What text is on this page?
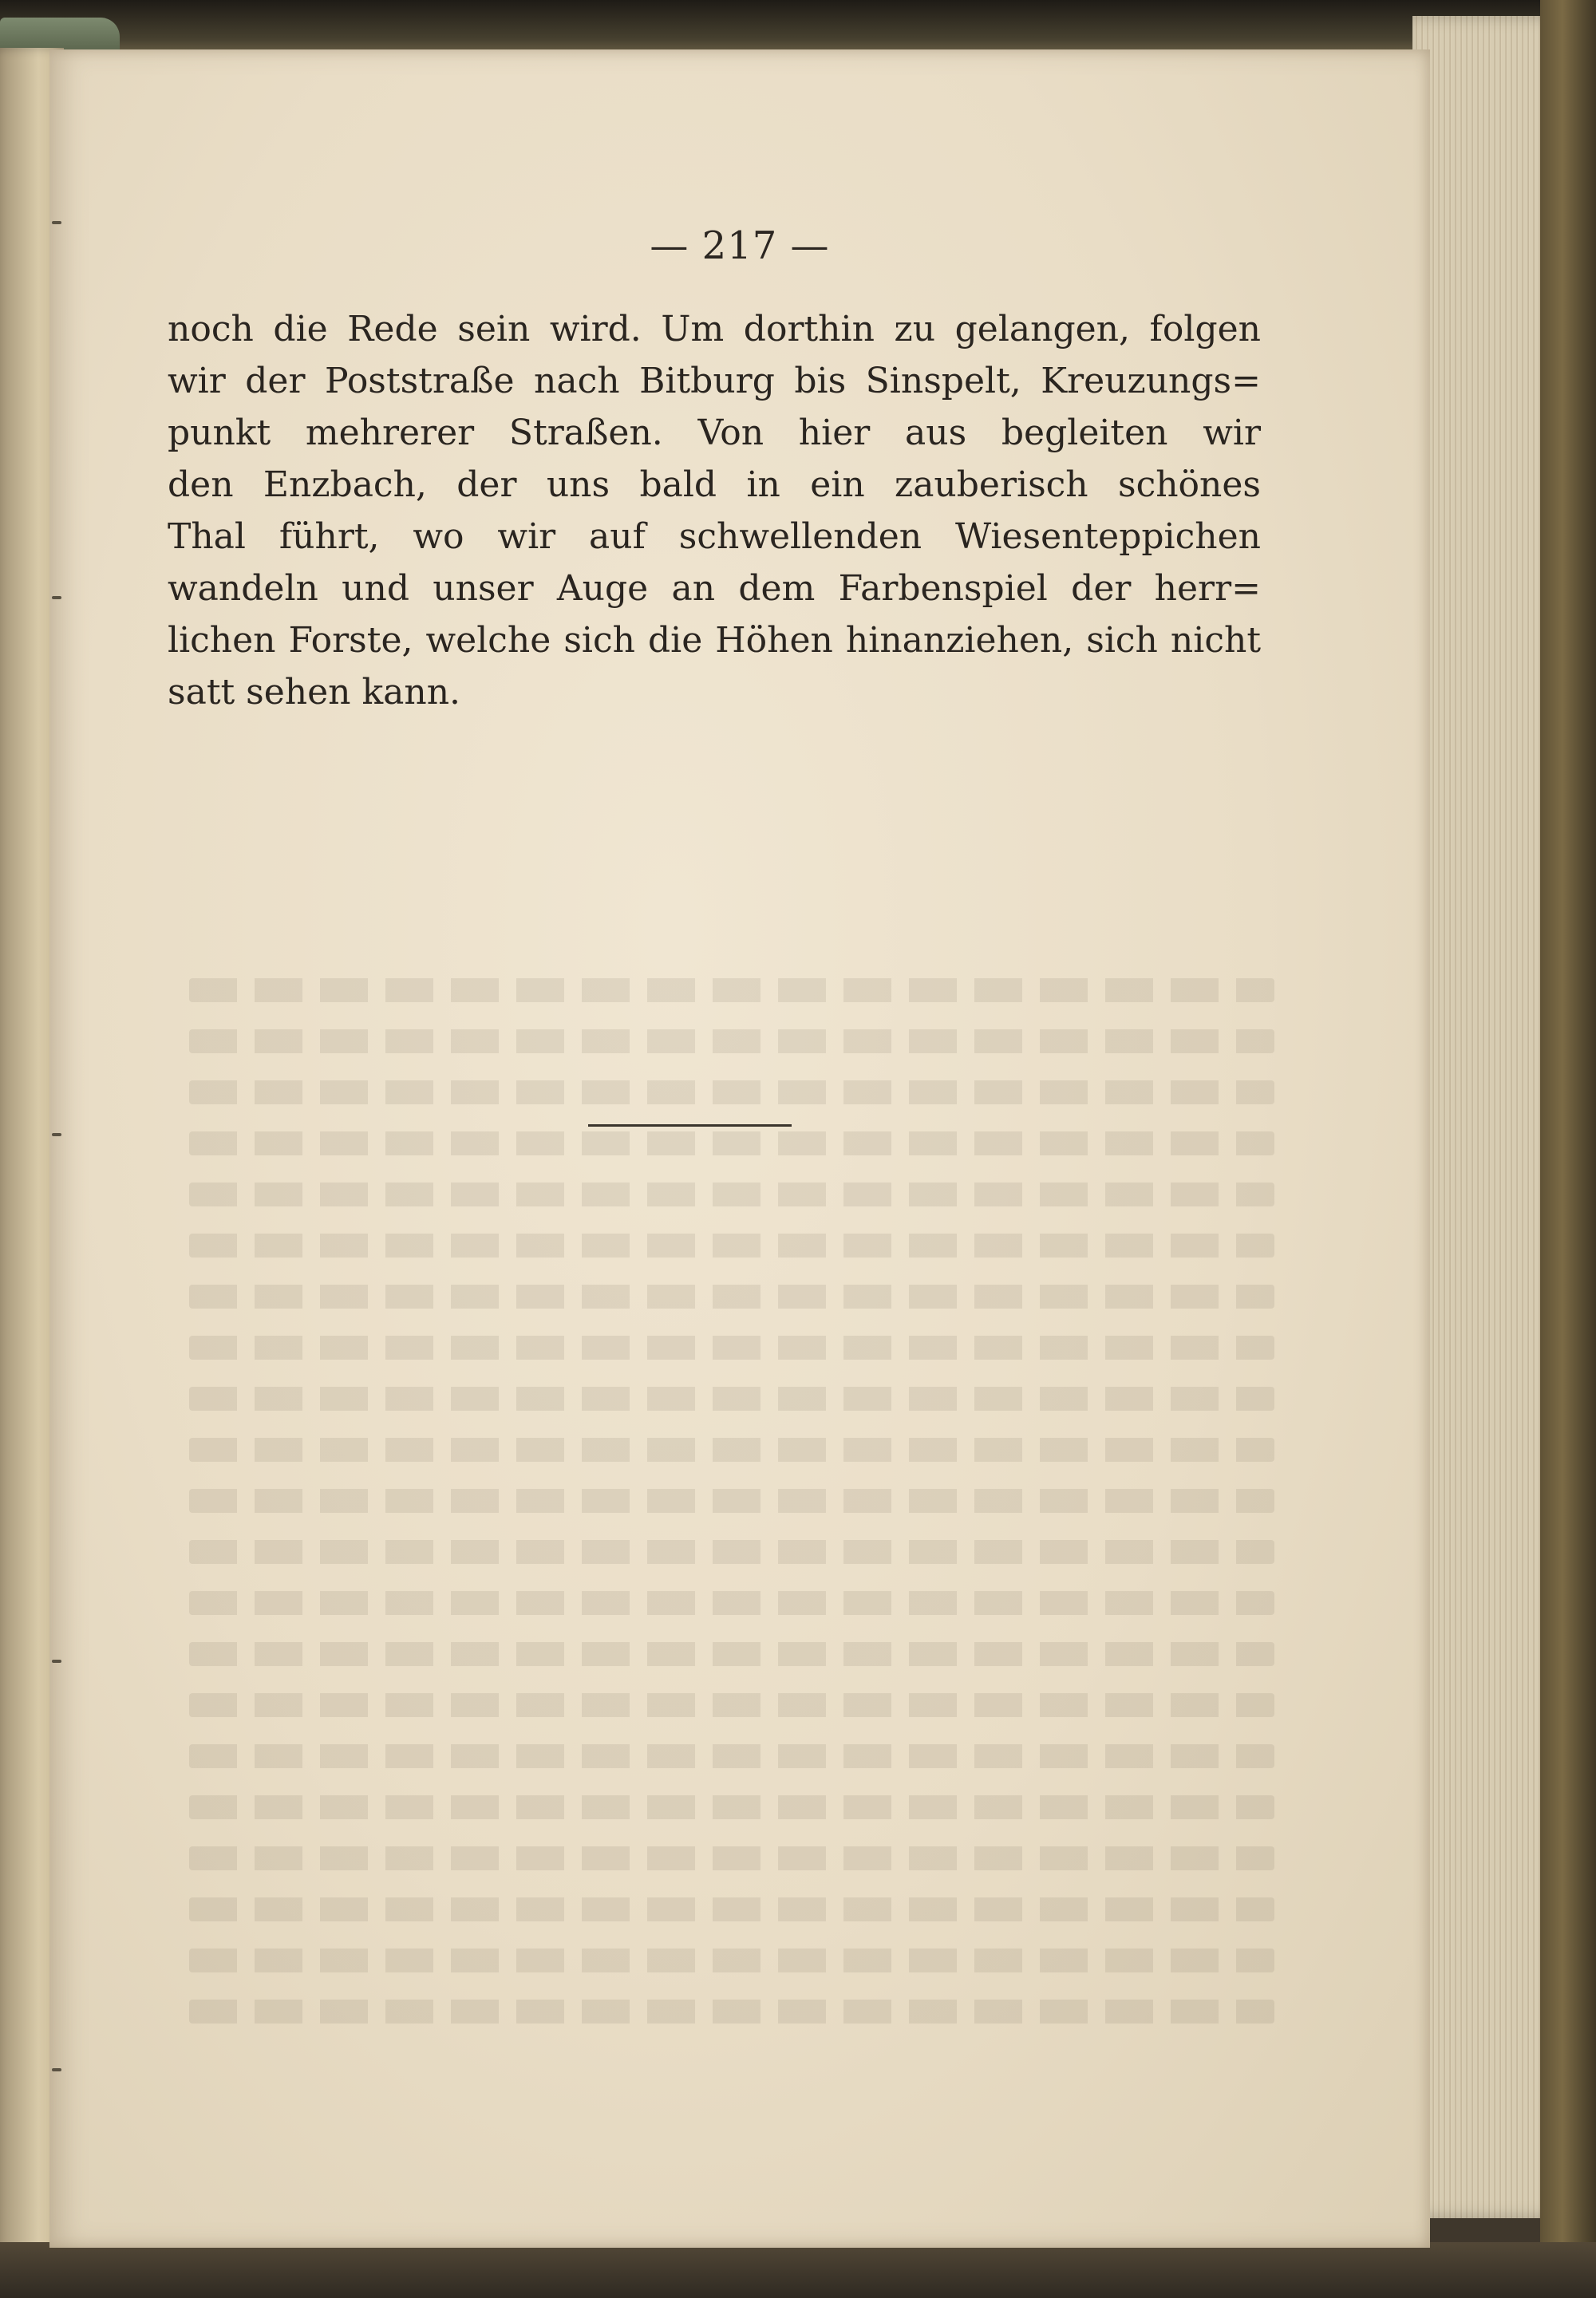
— 217 —
noch die Rede sein wird. Um dorthin zu gelangen, folgen
wir der Poststraße nach Bitburg bis Sinspelt, Kreuzungs=
punkt mehrerer Straßen. Von hier aus begleiten wir
den Enzbach, der uns bald in ein zauberisch schönes
Thal führt, wo wir auf schwellenden Wiesenteppichen
wandeln und unser Auge an dem Farbenspiel der herr=
lichen Forste, welche sich die Höhen hinanziehen, sich nicht
satt sehen kann.
